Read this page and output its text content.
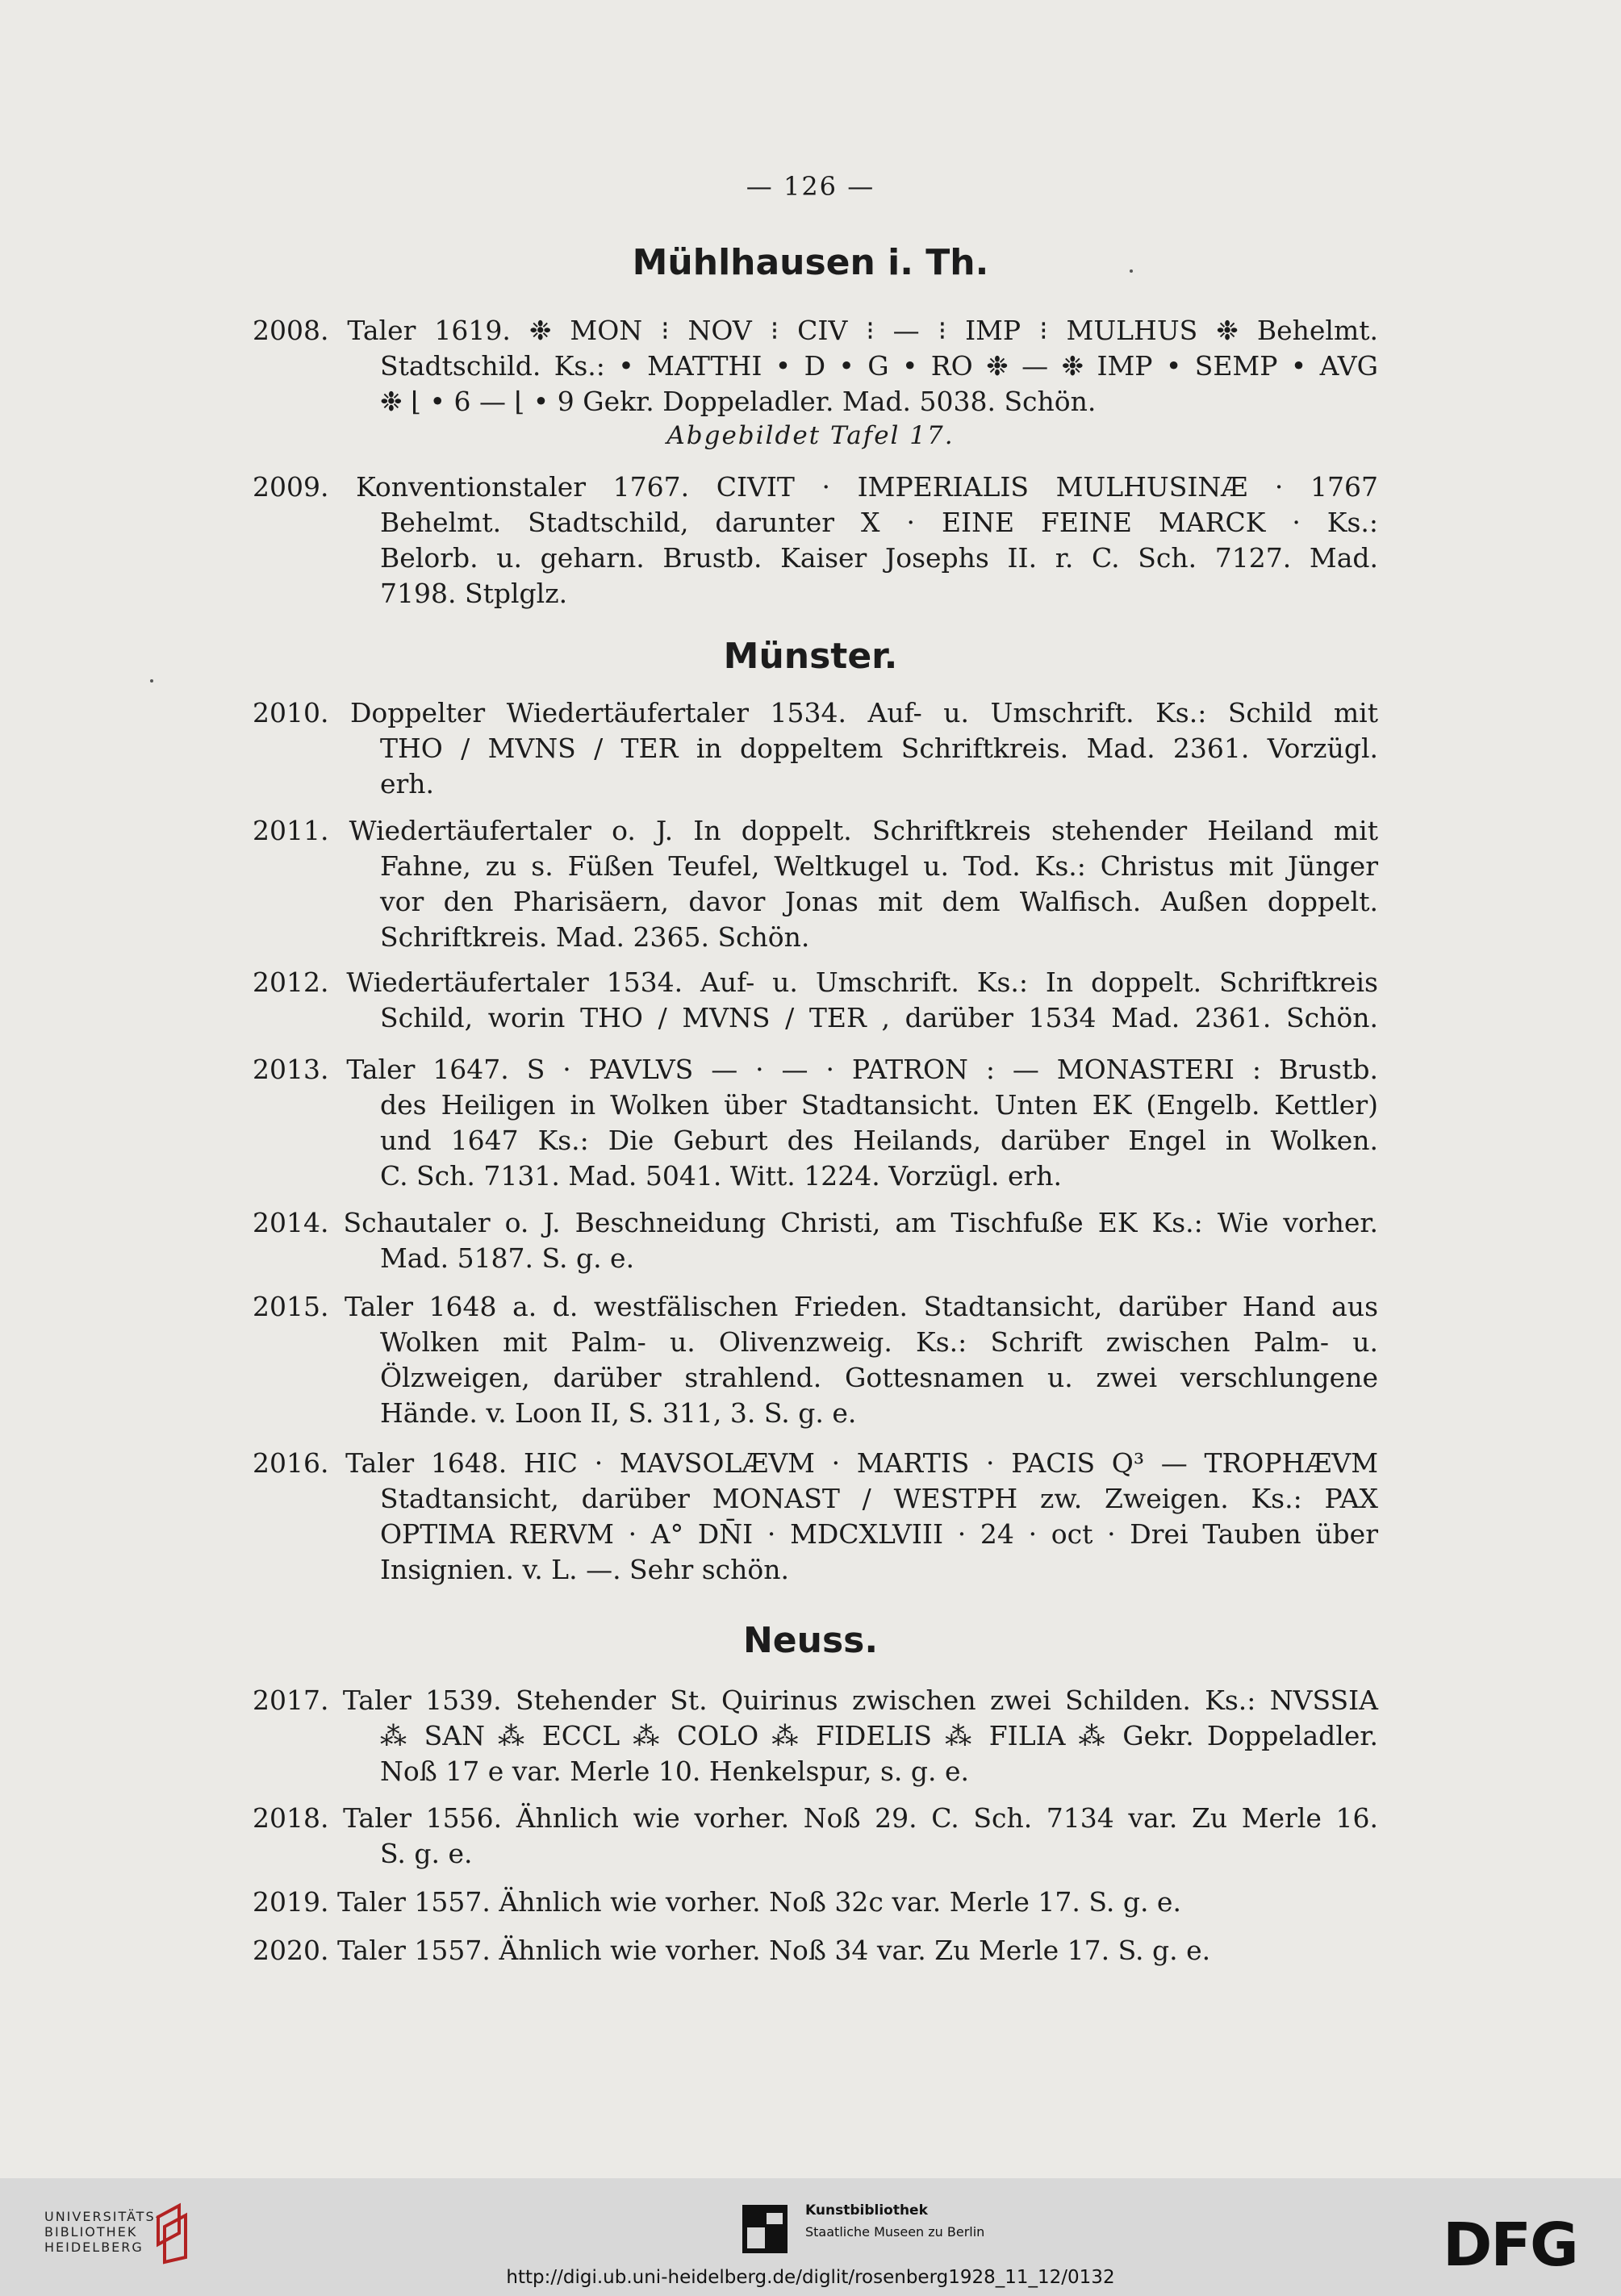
— 126 —
Mühlhausen i. Th.
2008. Taler 1619. ❉ MON ⁝ NOV ⁝ CIV ⁝ — ⁝ IMP ⁝ MULHUS ❉ Behelmt.
Stadtschild. Ks.: • MATTHI • D • G • RO ❉ — ❉ IMP • SEMP • AVG
❉ ⌊ • 6 — ⌊ • 9 Gekr. Doppeladler. Mad. 5038. Schön.
Abgebildet Tafel 17.
2009. Konventionstaler 1767. CIVIT · IMPERIALIS MULHUSINÆ · 1767
Behelmt. Stadtschild, darunter X · EINE FEINE MARCK · Ks.:
Belorb. u. geharn. Brustb. Kaiser Josephs II. r. C. Sch. 7127. Mad.
7198. Stplglz.
Münster.
2010. Doppelter Wiedertäufertaler 1534. Auf- u. Umschrift. Ks.: Schild mit
THO / MVNS / TER in doppeltem Schriftkreis. Mad. 2361. Vorzügl.
erh.
2011. Wiedertäufertaler o. J. In doppelt. Schriftkreis stehender Heiland mit
Fahne, zu s. Füßen Teufel, Weltkugel u. Tod. Ks.: Christus mit Jünger
vor den Pharisäern, davor Jonas mit dem Walfisch. Außen doppelt.
Schriftkreis. Mad. 2365. Schön.
2012. Wiedertäufertaler 1534. Auf- u. Umschrift. Ks.: In doppelt. Schriftkreis
Schild, worin THO / MVNS / TER , darüber 1534 Mad. 2361. Schön.
2013. Taler 1647. S · PAVLVS — · — · PATRON : — MONASTERI : Brustb.
des Heiligen in Wolken über Stadtansicht. Unten EK (Engelb. Kettler)
und 1647 Ks.: Die Geburt des Heilands, darüber Engel in Wolken.
C. Sch. 7131. Mad. 5041. Witt. 1224. Vorzügl. erh.
2014. Schautaler o. J. Beschneidung Christi, am Tischfuße EK Ks.: Wie vorher.
Mad. 5187. S. g. e.
2015. Taler 1648 a. d. westfälischen Frieden. Stadtansicht, darüber Hand aus
Wolken mit Palm- u. Olivenzweig. Ks.: Schrift zwischen Palm- u.
Ölzweigen, darüber strahlend. Gottesnamen u. zwei verschlungene
Hände. v. Loon II, S. 311, 3. S. g. e.
2016. Taler 1648. HIC · MAVSOLÆVM · MARTIS · PACIS Q³ — TROPHÆVM
Stadtansicht, darüber MONAST / WESTPH zw. Zweigen. Ks.: PAX
OPTIMA RERVM · A° DN̄I · MDCXLVIII · 24 · oct · Drei Tauben über
Insignien. v. L. —. Sehr schön.
Neuss.
2017. Taler 1539. Stehender St. Quirinus zwischen zwei Schilden. Ks.: NVSSIA
⁂ SAN ⁂ ECCL ⁂ COLO ⁂ FIDELIS ⁂ FILIA ⁂ Gekr. Doppeladler.
Noß 17 e var. Merle 10. Henkelspur, s. g. e.
2018. Taler 1556. Ähnlich wie vorher. Noß 29. C. Sch. 7134 var. Zu Merle 16.
S. g. e.
2019. Taler 1557. Ähnlich wie vorher. Noß 32c var. Merle 17. S. g. e.
2020. Taler 1557. Ähnlich wie vorher. Noß 34 var. Zu Merle 17. S. g. e.
UNIVERSITÄTS-
BIBLIOTHEK
HEIDELBERG
Kunstbibliothek
Staatliche Museen zu Berlin	DFG
http://digi.ub.uni-heidelberg.de/diglit/rosenberg1928_11_12/0132
